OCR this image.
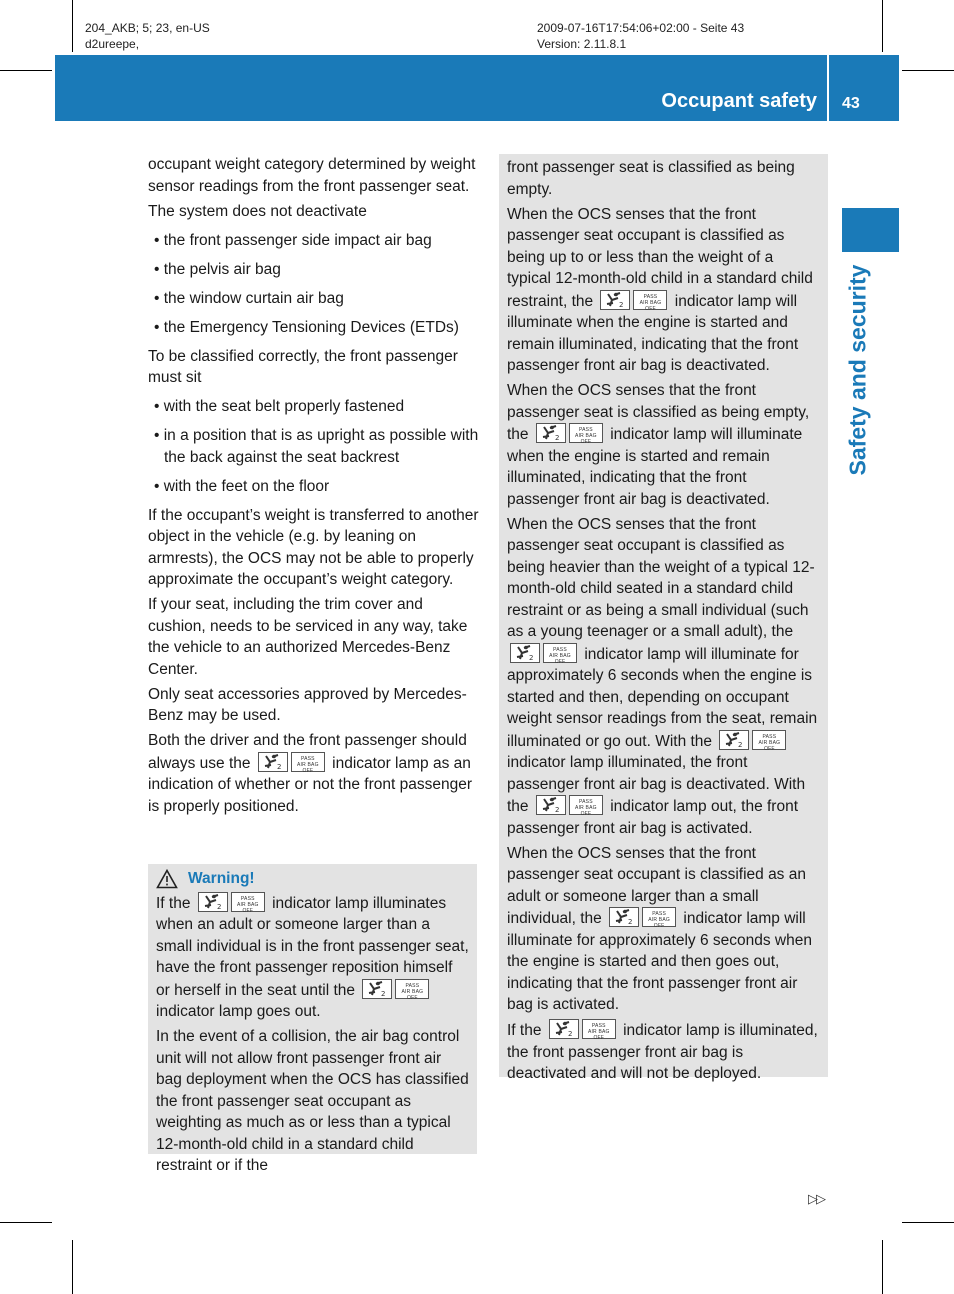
204_AKB; 5; 23, en-US
d2ureepe,
2009-07-16T17:54:06+02:00 - Seite 43
Version: 2.11.8.1
Occupant safety 43
Safety and security

occupant weight category determined by weight sensor readings from the front passenger seat.

The system does not deactivate

• the front passenger side impact air bag

• the pelvis air bag

• the window curtain air bag

• the Emergency Tensioning Devices (ETDs)

To be classified correctly, the front passenger must sit

• with the seat belt properly fastened

• in a position that is as upright as possible with the back against the seat backrest

• with the feet on the floor

If the occupant’s weight is transferred to another object in the vehicle (e.g. by leaning on armrests), the OCS may not be able to properly approximate the occupant’s weight category.

If your seat, including the trim cover and cushion, needs to be serviced in any way, take the vehicle to an authorized Mercedes-Benz Center.

Only seat accessories approved by Mercedes-Benz may be used.

Both the driver and the front passenger should always use the	2
PASS
AIR BAG OFF	indicator lamp as an indication of whether or not the front passenger is properly positioned.

Warning!

If the	2
PASS
AIR BAG OFF	indicator lamp illuminates when an adult or someone larger than a small individual is in the front passenger seat, have the front passenger reposition himself or herself in the seat until the	2
PASS
AIR BAG OFF
indicator lamp goes out.

In the event of a collision, the air bag control unit will not allow front passenger front air bag deployment when the OCS has classified the front passenger seat occupant as weighting as much as or less than a typical 12-month-old child in a standard child restraint or if the

front passenger seat is classified as being empty.

When the OCS senses that the front passenger seat occupant is classified as being up to or less than the weight of a typical 12-month-old child in a standard child restraint, the	2
PASS
AIR BAG OFF	indicator lamp will illuminate when the engine is started and remain illuminated, indicating that the front passenger front air bag is deactivated.

When the OCS senses that the front passenger seat is classified as being empty, the	2
PASS
AIR BAG OFF	indicator lamp will illuminate when the engine is started and remain illuminated, indicating that the front passenger front air bag is deactivated.

When the OCS senses that the front passenger seat occupant is classified as being heavier than the weight of a typical 12-month-old child seated in a standard child restraint or as being a small individual (such as a young teenager or a small adult), the
2
PASS
AIR BAG OFF	indicator lamp will illuminate for approximately 6 seconds when the engine is started and then, depending on occupant weight sensor readings from the seat, remain illuminated or go out. With the	2
PASS
AIR BAG OFF
indicator lamp illuminated, the front passenger front air bag is deactivated. With the	2
PASS
AIR BAG OFF	indicator lamp out, the front passenger front air bag is activated.

When the OCS senses that the front passenger seat occupant is classified as an adult or someone larger than a small individual, the	2
PASS
AIR BAG OFF	indicator lamp will illuminate for approximately 6 seconds when the engine is started and then goes out, indicating that the front passenger front air bag is activated.

If the	2
PASS
AIR BAG OFF	indicator lamp is illuminated, the front passenger front air bag is deactivated and will not be deployed.

▷▷
